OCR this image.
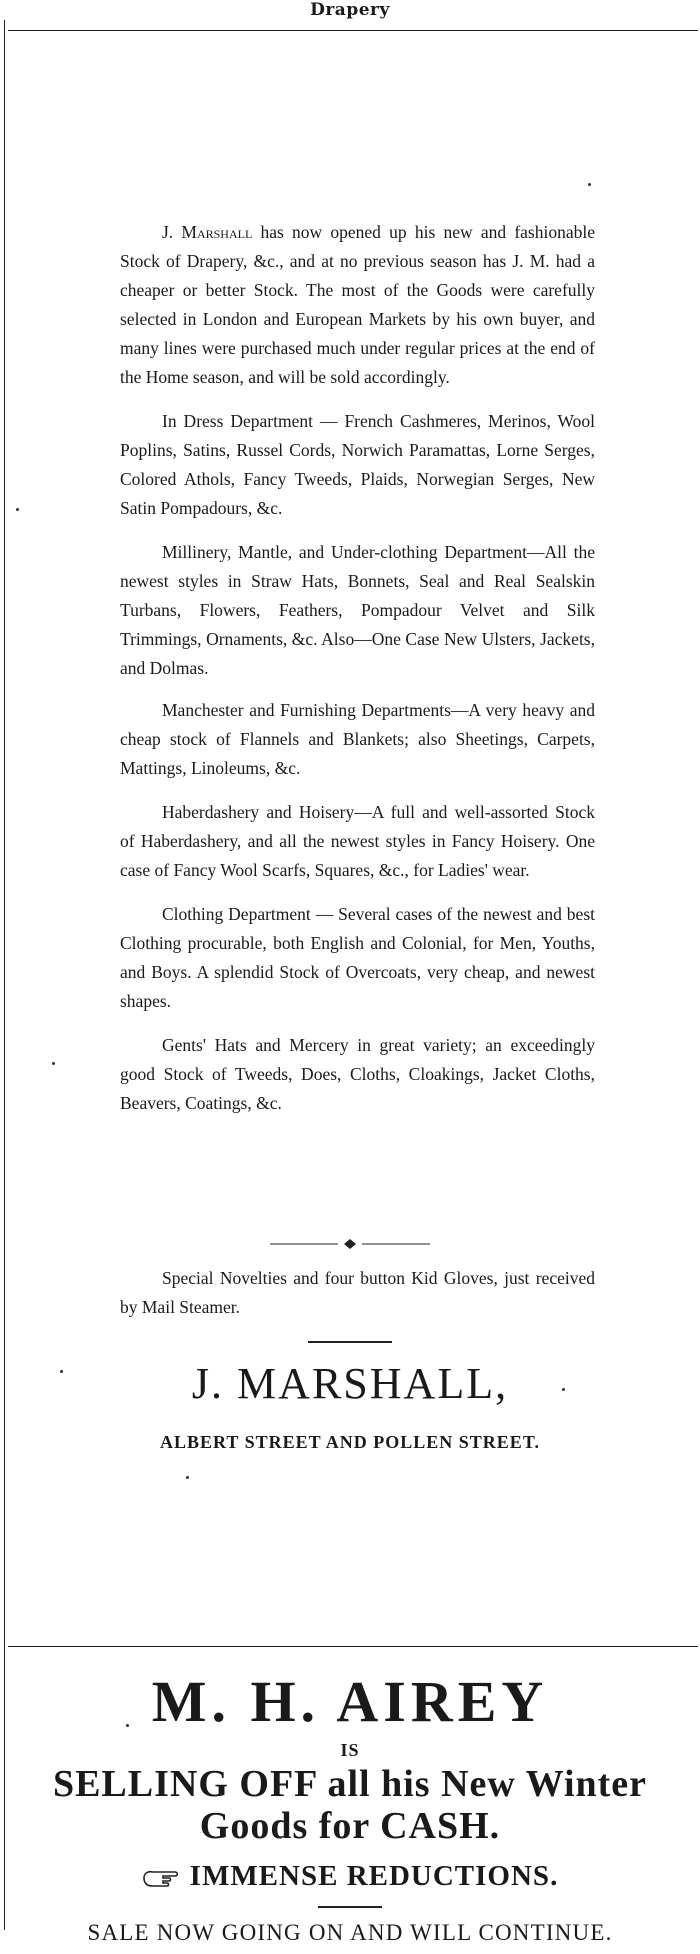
Drapery

J. Marshall has now opened up his new and fashionable Stock of Drapery, &c., and at no previous season has J. M. had a cheaper or better Stock. The most of the Goods were carefully selected in London and European Markets by his own buyer, and many lines were purchased much under regular prices at the end of the Home season, and will be sold accordingly.

In Dress Department — French Cashmeres, Merinos, Wool Poplins, Satins, Russel Cords, Norwich Paramattas, Lorne Serges, Colored Athols, Fancy Tweeds, Plaids, Norwegian Serges, New Satin Pompadours, &c.

Millinery, Mantle, and Under-clothing Department—All the newest styles in Straw Hats, Bonnets, Seal and Real Sealskin Turbans, Flowers, Feathers, Pompadour Velvet and Silk Trimmings, Ornaments, &c. Also—One Case New Ulsters, Jackets, and Dolmas.

Manchester and Furnishing Departments—A very heavy and cheap stock of Flannels and Blankets; also Sheetings, Carpets, Mattings, Linoleums, &c.

Haberdashery and Hoisery—A full and well-assorted Stock of Haberdashery, and all the newest styles in Fancy Hoisery. One case of Fancy Wool Scarfs, Squares, &c., for Ladies' wear.

Clothing Department — Several cases of the newest and best Clothing procurable, both English and Colonial, for Men, Youths, and Boys. A splendid Stock of Overcoats, very cheap, and newest shapes.

Gents' Hats and Mercery in great variety; an exceedingly good Stock of Tweeds, Does, Cloths, Cloakings, Jacket Cloths, Beavers, Coatings, &c.

Special Novelties and four button Kid Gloves, just received by Mail Steamer.

J. MARSHALL,
ALBERT STREET AND POLLEN STREET.
M. H. AIREY
IS
SELLING OFF all his New Winter
Goods for CASH.
IMMENSE REDUCTIONS.
SALE NOW GOING ON AND WILL CONTINUE.
